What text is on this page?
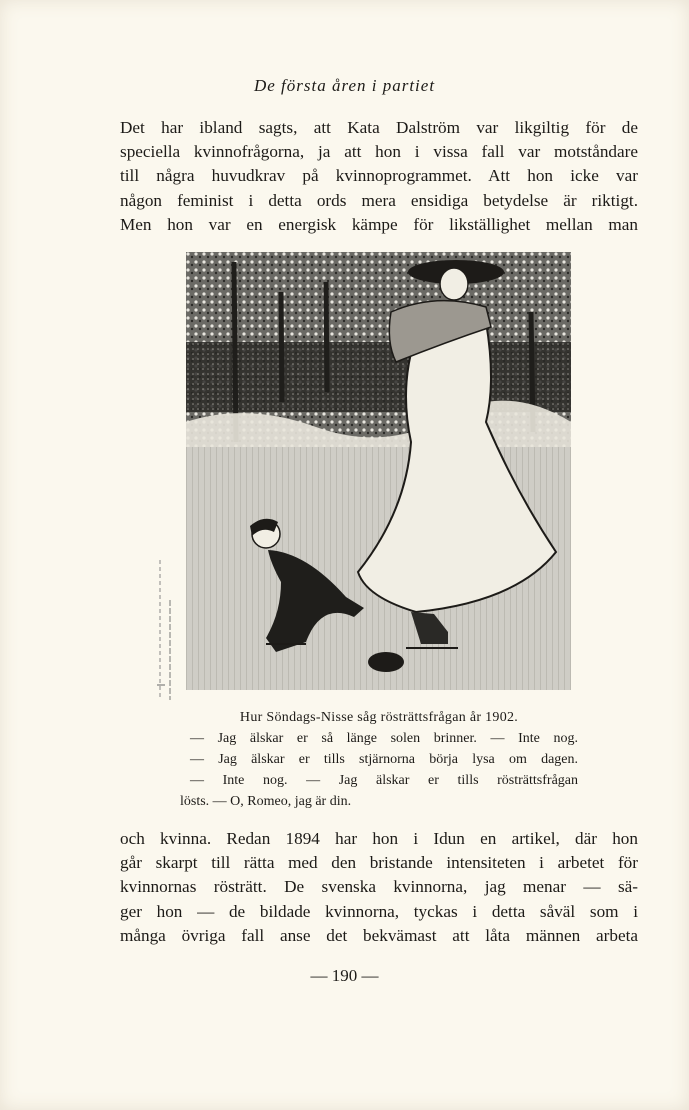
De första åren i partiet
Det har ibland sagts, att Kata Dalström var likgiltig för de
speciella kvinnofrågorna, ja att hon i vissa fall var motståndare
till några huvudkrav på kvinnoprogrammet. Att hon icke var
någon feminist i detta ords mera ensidiga betydelse är riktigt.
Men hon var en energisk kämpe för likställighet mellan man
Hur Söndags-Nisse såg rösträttsfrågan år 1902.
— Jag älskar er så länge solen brinner. — Inte nog.
— Jag älskar er tills stjärnorna börja lysa om dagen.
— Inte nog. — Jag älskar er tills rösträttsfrågan
lösts. — O, Romeo, jag är din.
och kvinna. Redan 1894 har hon i Idun en artikel, där hon
går skarpt till rätta med den bristande intensiteten i arbetet för
kvinnornas rösträtt. De svenska kvinnorna, jag menar — sä-
ger hon — de bildade kvinnorna, tyckas i detta såväl som i
många övriga fall anse det bekvämast att låta männen arbeta
— 190 —
